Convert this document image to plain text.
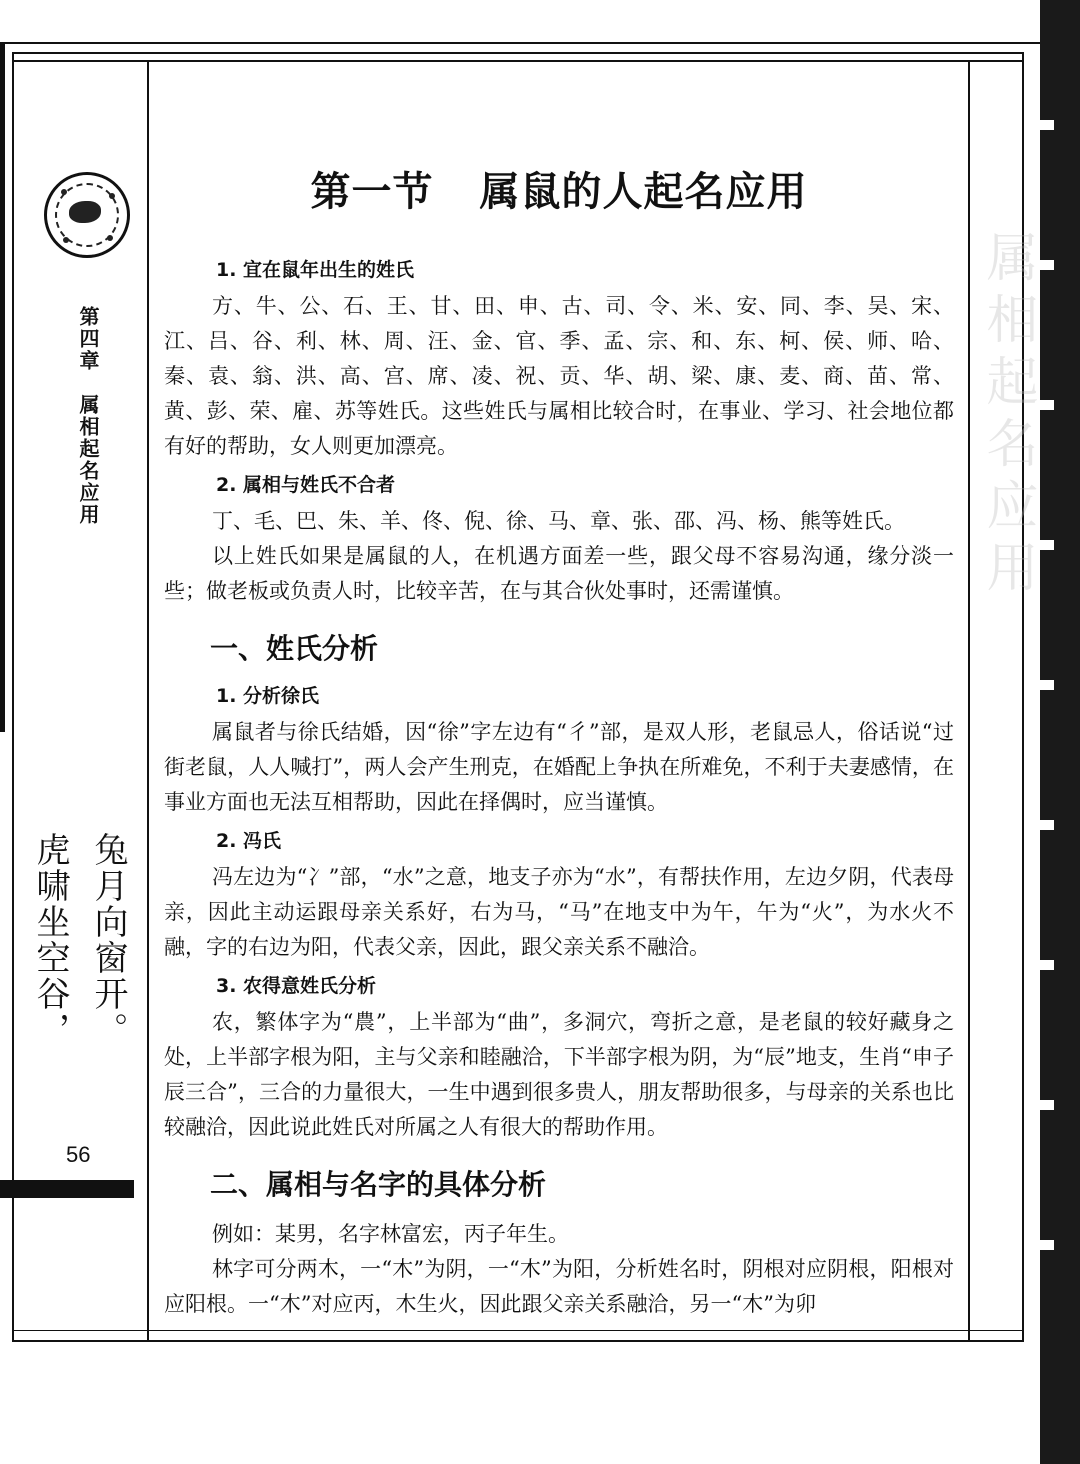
属相起名应用
第四章　属相起名应用
兔月向窗开。
虎啸坐空谷，
56
第一节 属鼠的人起名应用
1. 宜在鼠年出生的姓氏

方、牛、公、石、王、甘、田、申、古、司、令、米、安、同、李、吴、宋、江、吕、谷、利、林、周、汪、金、官、季、孟、宗、和、东、柯、侯、师、哈、秦、袁、翁、洪、高、宫、席、凌、祝、贡、华、胡、梁、康、麦、商、苗、常、黄、彭、荣、雇、苏等姓氏。这些姓氏与属相比较合时，在事业、学习、社会地位都有好的帮助，女人则更加漂亮。

2. 属相与姓氏不合者

丁、毛、巴、朱、羊、佟、倪、徐、马、章、张、邵、冯、杨、熊等姓氏。

以上姓氏如果是属鼠的人，在机遇方面差一些，跟父母不容易沟通，缘分淡一些；做老板或负责人时，比较辛苦，在与其合伙处事时，还需谨慎。

一、姓氏分析
1. 分析徐氏

属鼠者与徐氏结婚，因“徐”字左边有“彳”部，是双人形，老鼠忌人，俗话说“过街老鼠，人人喊打”，两人会产生刑克，在婚配上争执在所难免，不利于夫妻感情，在事业方面也无法互相帮助，因此在择偶时，应当谨慎。

2. 冯氏

冯左边为“冫”部，“水”之意，地支子亦为“水”，有帮扶作用，左边夕阴，代表母亲，因此主动运跟母亲关系好，右为马，“马”在地支中为午，午为“火”，为水火不融，字的右边为阳，代表父亲，因此，跟父亲关系不融洽。

3. 农得意姓氏分析

农，繁体字为“農”，上半部为“曲”，多洞穴，弯折之意，是老鼠的较好藏身之处，上半部字根为阳，主与父亲和睦融洽，下半部字根为阴，为“辰”地支，生肖“申子辰三合”，三合的力量很大，一生中遇到很多贵人，朋友帮助很多，与母亲的关系也比较融洽，因此说此姓氏对所属之人有很大的帮助作用。

二、属相与名字的具体分析

例如：某男，名字林富宏，丙子年生。

林字可分两木，一“木”为阴，一“木”为阳，分析姓名时，阴根对应阴根，阳根对应阳根。一“木”对应丙，木生火，因此跟父亲关系融洽，另一“木”为卯
